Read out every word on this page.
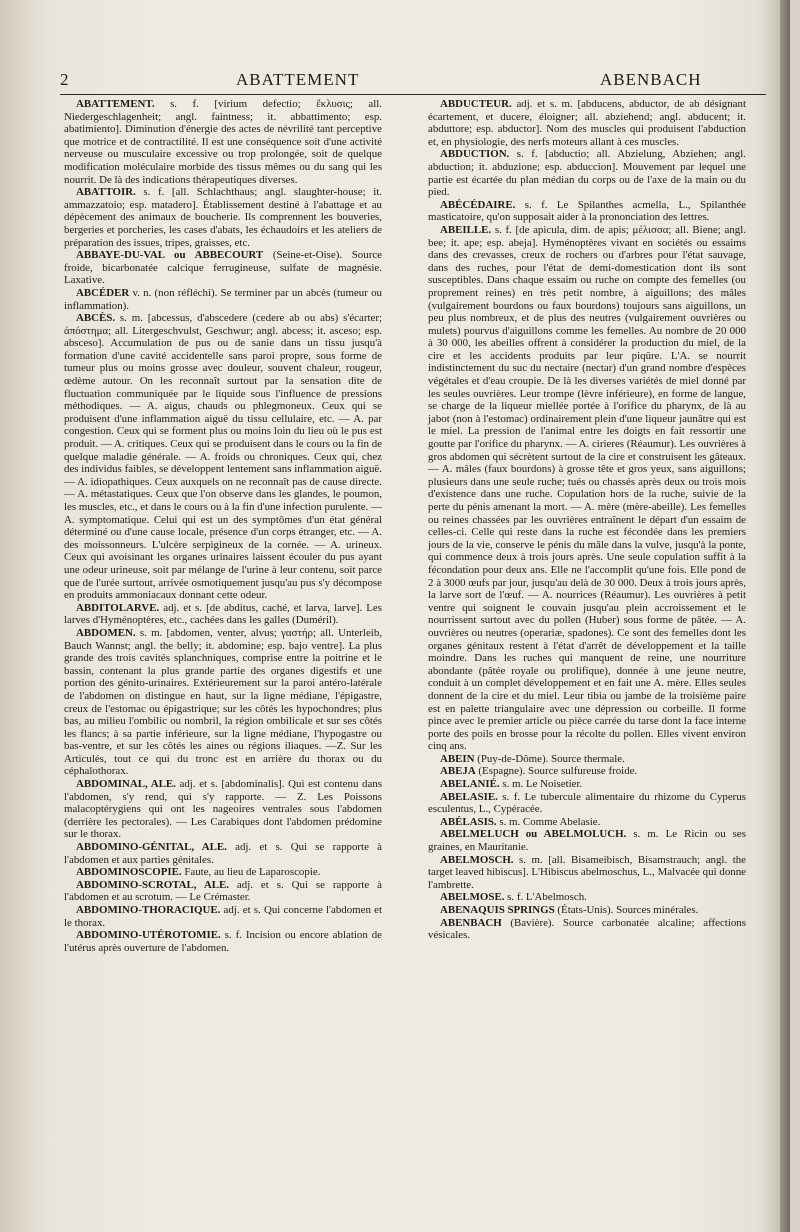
2	ABATTEMENT	ABENBACH

ABATTEMENT. s. f. [virium defectio; ἔκλυσις; all. Niedergeschlagenheit; angl. faintness; it. abbattimento; esp. abatimiento]. Diminution d'énergie des actes de névrilité tant perceptive que motrice et de contractilité. Il est une conséquence soit d'une activité nerveuse ou musculaire excessive ou trop prolongée, soit de quelque modification moléculaire morbide des tissus mêmes ou du sang qui les nourrit. De là des indications thérapeutiques diverses.

ABATTOIR. s. f. [all. Schlachthaus; angl. slaughter-house; it. ammazzatoio; esp. matadero]. Établissement destiné à l'abattage et au dépècement des animaux de boucherie. Ils comprennent les bouveries, bergeries et porcheries, les cases d'abats, les échaudoirs et les ateliers de préparation des issues, tripes, graisses, etc.

ABBAYE-DU-VAL ou ABBECOURT (Seine-et-Oise). Source froide, bicarbonatée calcique ferrugineuse, sulfate de magnésie. Laxative.

ABCÉDER v. n. (non réfléchi). Se terminer par un abcès (tumeur ou inflammation).

ABCÈS. s. m. [abcessus, d'abscedere (cedere ab ou abs) s'écarter; ἀπόστημα; all. Litergeschvulst, Geschwur; angl. abcess; it. asceso; esp. absceso]. Accumulation de pus ou de sanie dans un tissu jusqu'à formation d'une cavité accidentelle sans paroi propre, sous forme de tumeur plus ou moins grosse avec douleur, souvent chaleur, rougeur, œdème autour. On les reconnaît surtout par la sensation dite de fluctuation communiquée par le liquide sous l'influence de pressions méthodiques. — A. aigus, chauds ou phlegmoneux. Ceux qui se produisent d'une inflammation aiguë du tissu cellulaire, etc. — A. par congestion. Ceux qui se forment plus ou moins loin du lieu où le pus est produit. — A. critiques. Ceux qui se produisent dans le cours ou la fin de quelque maladie générale. — A. froids ou chroniques. Ceux qui, chez des individus faibles, se développent lentement sans inflammation aiguë. — A. idiopathiques. Ceux auxquels on ne reconnaît pas de cause directe. — A. métastatiques. Ceux que l'on observe dans les glandes, le poumon, les muscles, etc., et dans le cours ou à la fin d'une infection purulente. — A. symptomatique. Celui qui est un des symptômes d'un état général déterminé ou d'une cause locale, présence d'un corps étranger, etc. — A. des moissonneurs. L'ulcère serpigineux de la cornée. — A. urineux. Ceux qui avoisinant les organes urinaires laissent écouler du pus ayant une odeur urineuse, soit par mélange de l'urine à leur contenu, soit parce que de l'urée surtout, arrivée osmotiquement jusqu'au pus s'y décompose en produits ammoniacaux donnant cette odeur.

ABDITOLARVE. adj. et s. [de abditus, caché, et larva, larve]. Les larves d'Hyménoptères, etc., cachées dans les galles (Duméril).

ABDOMEN. s. m. [abdomen, venter, alvus; γαστήρ; all. Unterleib, Bauch Wannst; angl. the belly; it. abdomine; esp. bajo ventre]. La plus grande des trois cavités splanchniques, comprise entre la poitrine et le bassin, contenant la plus grande partie des organes digestifs et une portion des génito-urinaires. Extérieurement sur la paroi antéro-latérale de l'abdomen on distingue en haut, sur la ligne médiane, l'épigastre, creux de l'estomac ou épigastrique; sur les côtés les hypochondres; plus bas, au milieu l'ombilic ou nombril, la région ombilicale et sur ses côtés les flancs; à sa partie inférieure, sur la ligne médiane, l'hypogastre ou bas-ventre, et sur les côtés les aines ou régions iliaques. —Z. Sur les Articulés, tout ce qui du tronc est en arrière du thorax ou du céphalothorax.

ABDOMINAL, ALE. adj. et s. [abdominalis]. Qui est contenu dans l'abdomen, s'y rend, qui s'y rapporte. — Z. Les Poissons malacoptérygiens qui ont les nageoires ventrales sous l'abdomen (derrière les pectorales). — Les Carabiques dont l'abdomen prédomine sur le thorax.

ABDOMINO-GÉNITAL, ALE. adj. et s. Qui se rapporte à l'abdomen et aux parties génitales.

ABDOMINOSCOPIE. Faute, au lieu de Laparoscopie.

ABDOMINO-SCROTAL, ALE. adj. et s. Qui se rapporte à l'abdomen et au scrotum. — Le Crémaster.

ABDOMINO-THORACIQUE. adj. et s. Qui concerne l'abdomen et le thorax.

ABDOMINO-UTÉROTOMIE. s. f. Incision ou encore ablation de l'utérus après ouverture de l'abdomen.

ABDUCTEUR. adj. et s. m. [abducens, abductor, de ab désignant écartement, et ducere, éloigner; all. abziehend; angl. abducent; it. abduttore; esp. abductor]. Nom des muscles qui produisent l'abduction et, en physiologie, des nerfs moteurs allant à ces muscles.

ABDUCTION. s. f. [abductio; all. Abzielung, Abziehen; angl. abduction; it. abduzione; esp. abduccion]. Mouvement par lequel une partie est écartée du plan médian du corps ou de l'axe de la main ou du pied.

ABÉCÉDAIRE. s. f. Le Spilanthes acmella, L., Spilanthée masticatoire, qu'on supposait aider à la prononciation des lettres.

ABEILLE. s. f. [de apicula, dim. de apis; μέλισσα; all. Biene; angl. bee; it. ape; esp. abeja]. Hyménoptères vivant en sociétés ou essaims dans des crevasses, creux de rochers ou d'arbres pour l'état sauvage, dans des ruches, pour l'état de demi-domestication dont ils sont susceptibles. Dans chaque essaim ou ruche on compte des femelles (ou proprement reines) en très petit nombre, à aiguillons; des mâles (vulgairement bourdons ou faux bourdons) toujours sans aiguillons, un peu plus nombreux, et de plus des neutres (vulgairement ouvrières ou mulets) pourvus d'aiguillons comme les femelles. Au nombre de 20 000 à 30 000, les abeilles offrent à considérer la production du miel, de la cire et les accidents produits par leur piqûre. L'A. se nourrit indistinctement du suc du nectaire (nectar) d'un grand nombre d'espèces végétales et d'eau croupie. De là les diverses variétés de miel donné par les seules ouvrières. Leur trompe (lèvre inférieure), en forme de langue, se charge de la liqueur miellée portée à l'orifice du pharynx, de là au jabot (non à l'estomac) ordinairement plein d'une liqueur jaunâtre qui est le miel. La pression de l'animal entre les doigts en fait ressortir une goutte par l'orifice du pharynx. — A. cirieres (Réaumur). Les ouvrières à gros abdomen qui sécrètent surtout de la cire et construisent les gâteaux. — A. mâles (faux bourdons) à grosse tête et gros yeux, sans aiguillons; plusieurs dans une seule ruche; tués ou chassés après deux ou trois mois d'existence dans une ruche. Copulation hors de la ruche, suivie de la perte du pénis amenant la mort. — A. mère (mère-abeille). Les femelles ou reines chassées par les ouvrières entraînent le départ d'un essaim de celles-ci. Celle qui reste dans la ruche est fécondée dans les premiers jours de la vie, conserve le pénis du mâle dans la vulve, jusqu'à la ponte, qui commence deux à trois jours après. Une seule copulation suffit à la fécondation pour deux ans. Elle ne l'accomplit qu'une fois. Elle pond de 2 à 3000 œufs par jour, jusqu'au delà de 30 000. Deux à trois jours après, la larve sort de l'œuf. — A. nourrices (Réaumur). Les ouvrières à petit ventre qui soignent le couvain jusqu'au plein accroissement et le nourrissent surtout avec du pollen (Huber) sous forme de pâtée. — A. ouvrières ou neutres (operariæ, spadones). Ce sont des femelles dont les organes génitaux restent à l'état d'arrêt de développement et la taille moindre. Dans les ruches qui manquent de reine, une nourriture abondante (pâtée royale ou prolifique), donnée à une jeune neutre, conduit à un complet développement et en fait une A. mère. Elles seules donnent de la cire et du miel. Leur tibia ou jambe de la troisième paire est en palette triangulaire avec une dépression ou corbeille. Il forme pince avec le premier article ou pièce carrée du tarse dont la face interne porte des poils en brosse pour la récolte du pollen. Elles vivent environ cinq ans.

ABEIN (Puy-de-Dôme). Source thermale.

ABEJA (Espagne). Source sulfureuse froide.

ABELANIÉ. s. m. Le Noisetier.

ABELASIE. s. f. Le tubercule alimentaire du rhizome du Cyperus esculentus, L., Cypéracée.

ABÉLASIS. s. m. Comme Abelasie.

ABELMELUCH ou ABELMOLUCH. s. m. Le Ricin ou ses graines, en Mauritanie.

ABELMOSCH. s. m. [all. Bisameibisch, Bisamstrauch; angl. the target leaved hibiscus]. L'Hibiscus abelmoschus, L., Malvacée qui donne l'ambrette.

ABELMOSE. s. f. L'Abelmosch.

ABENAQUIS SPRINGS (États-Unis). Sources minérales.

ABENBACH (Bavière). Source carbonatée alcaline; affections vésicales.
